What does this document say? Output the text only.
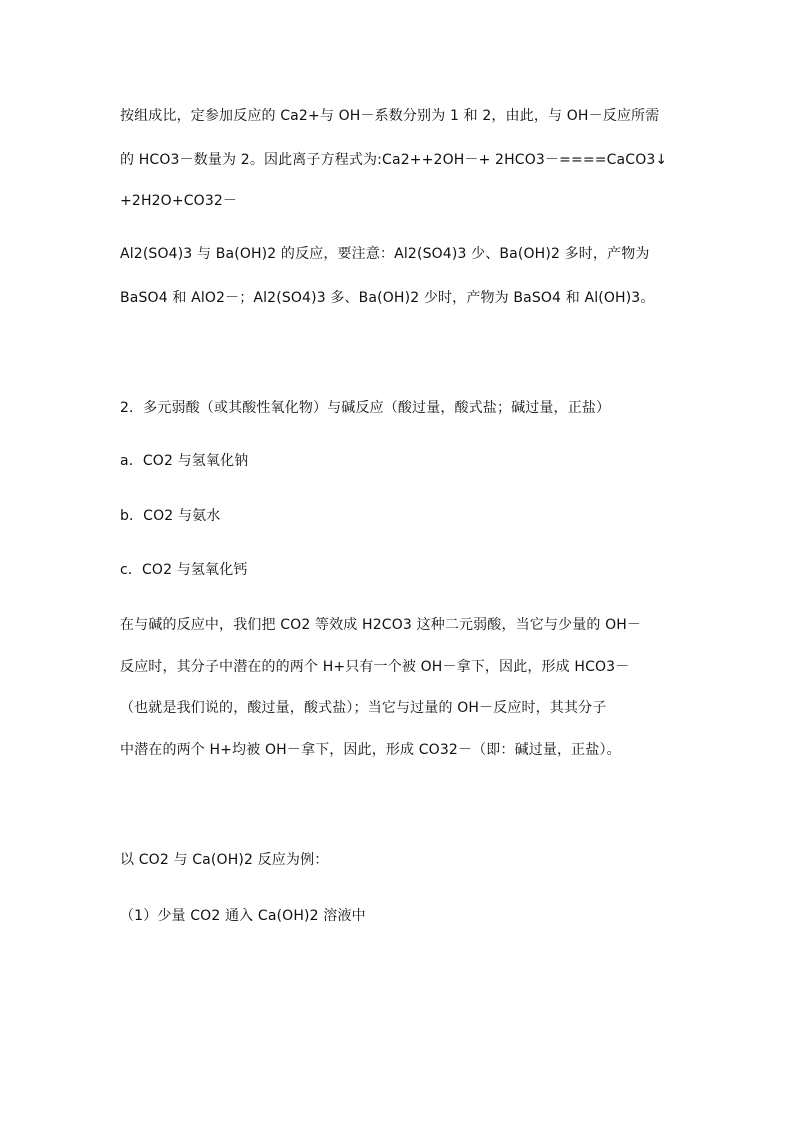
按组成比，定参加反应的 Ca2+与 OH－系数分别为 1 和 2，由此，与 OH－反应所需
的 HCO3－数量为 2。因此离子方程式为:Ca2++2OH－+ 2HCO3－====CaCO3↓
+2H2O+CO32－
Al2(SO4)3 与 Ba(OH)2 的反应，要注意：Al2(SO4)3 少、Ba(OH)2 多时，产物为
BaSO4 和 AlO2－；Al2(SO4)3 多、Ba(OH)2 少时，产物为 BaSO4 和 Al(OH)3。
2．多元弱酸（或其酸性氧化物）与碱反应（酸过量，酸式盐；碱过量，正盐）
a．CO2 与氢氧化钠
b．CO2 与氨水
c．CO2 与氢氧化钙
在与碱的反应中，我们把 CO2 等效成 H2CO3 这种二元弱酸，当它与少量的 OH－
反应时，其分子中潜在的的两个 H+只有一个被 OH－拿下，因此，形成 HCO3－
（也就是我们说的，酸过量，酸式盐）；当它与过量的 OH－反应时，其其分子
中潜在的两个 H+均被 OH－拿下，因此，形成 CO32－（即：碱过量，正盐）。
以 CO2 与 Ca(OH)2 反应为例：
（1）少量 CO2 通入 Ca(OH)2 溶液中
